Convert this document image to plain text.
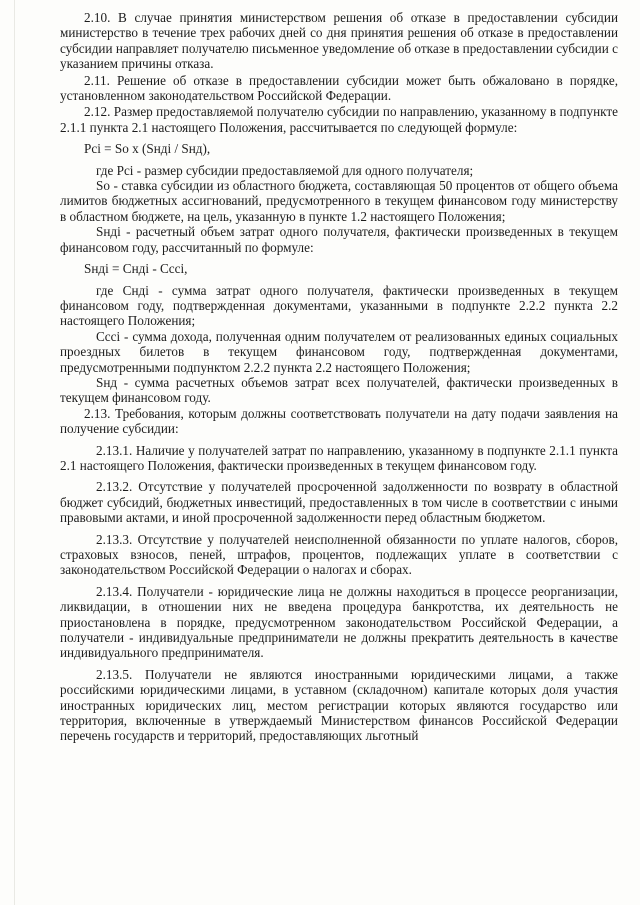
2.10. В случае принятия министерством решения об отказе в предоставлении субсидии министерство в течение трех рабочих дней со дня принятия решения об отказе в предоставлении субсидии направляет получателю письменное уведомление об отказе в предоставлении субсидии с указанием причины отказа.

2.11. Решение об отказе в предоставлении субсидии может быть обжаловано в порядке, установленном законодательством Российской Федерации.

2.12. Размер предоставляемой получателю субсидии по направлению, указанному в подпункте 2.1.1 пункта 2.1 настоящего Положения, рассчитывается по следующей формуле:

Pci = So x (Sнді / Sнд),

где Pci - размер субсидии предоставляемой для одного получателя;

So - ставка субсидии из областного бюджета, составляющая 50 процентов от общего объема лимитов бюджетных ассигнований, предусмотренного в текущем финансовом году министерству в областном бюджете, на цель, указанную в пункте 1.2 настоящего Положения;

Sнді - расчетный объем затрат одного получателя, фактически произведенных в текущем финансовом году, рассчитанный по формуле:

Sнді = Cнді - Ccci,

где Cнді - сумма затрат одного получателя, фактически произведенных в текущем финансовом году, подтвержденная документами, указанными в подпункте 2.2.2 пункта 2.2 настоящего Положения;

Ccci - сумма дохода, полученная одним получателем от реализованных единых социальных проездных билетов в текущем финансовом году, подтвержденная документами, предусмотренными подпунктом 2.2.2 пункта 2.2 настоящего Положения;

Sнд - сумма расчетных объемов затрат всех получателей, фактически произведенных в текущем финансовом году.

2.13. Требования, которым должны соответствовать получатели на дату подачи заявления на получение субсидии:

2.13.1. Наличие у получателей затрат по направлению, указанному в подпункте 2.1.1 пункта 2.1 настоящего Положения, фактически произведенных в текущем финансовом году.

2.13.2. Отсутствие у получателей просроченной задолженности по возврату в областной бюджет субсидий, бюджетных инвестиций, предоставленных в том числе в соответствии с иными правовыми актами, и иной просроченной задолженности перед областным бюджетом.

2.13.3. Отсутствие у получателей неисполненной обязанности по уплате налогов, сборов, страховых взносов, пеней, штрафов, процентов, подлежащих уплате в соответствии с законодательством Российской Федерации о налогах и сборах.

2.13.4. Получатели - юридические лица не должны находиться в процессе реорганизации, ликвидации, в отношении них не введена процедура банкротства, их деятельность не приостановлена в порядке, предусмотренном законодательством Российской Федерации, а получатели - индивидуальные предприниматели не должны прекратить деятельность в качестве индивидуального предпринимателя.

2.13.5. Получатели не являются иностранными юридическими лицами, а также российскими юридическими лицами, в уставном (складочном) капитале которых доля участия иностранных юридических лиц, местом регистрации которых являются государство или территория, включенные в утверждаемый Министерством финансов Российской Федерации перечень государств и территорий, предоставляющих льготный
